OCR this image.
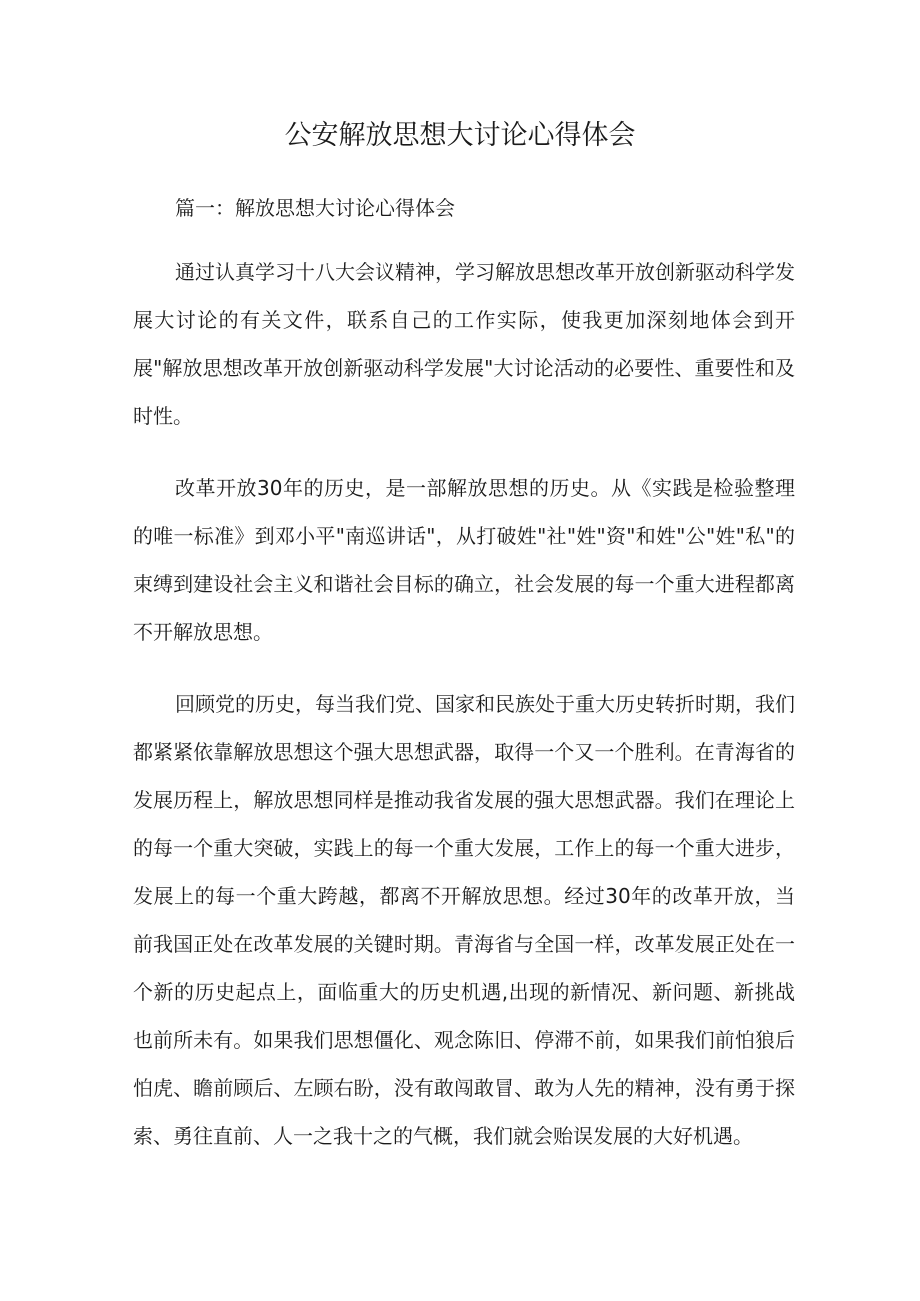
公安解放思想大讨论心得体会

篇一：解放思想大讨论心得体会

通过认真学习十八大会议精神，学习解放思想改革开放创新驱动科学发展大讨论的有关文件，联系自己的工作实际，使我更加深刻地体会到开展"解放思想改革开放创新驱动科学发展"大讨论活动的必要性、重要性和及时性。

改革开放30年的历史，是一部解放思想的历史。从《实践是检验整理的唯一标准》到邓小平"南巡讲话"，从打破姓"社"姓"资"和姓"公"姓"私"的束缚到建设社会主义和谐社会目标的确立，社会发展的每一个重大进程都离不开解放思想。

回顾党的历史，每当我们党、国家和民族处于重大历史转折时期，我们都紧紧依靠解放思想这个强大思想武器，取得一个又一个胜利。在青海省的发展历程上，解放思想同样是推动我省发展的强大思想武器。我们在理论上的每一个重大突破，实践上的每一个重大发展，工作上的每一个重大进步，发展上的每一个重大跨越，都离不开解放思想。经过30年的改革开放，当前我国正处在改革发展的关键时期。青海省与全国一样，改革发展正处在一个新的历史起点上，面临重大的历史机遇,出现的新情况、新问题、新挑战也前所未有。如果我们思想僵化、观念陈旧、停滞不前，如果我们前怕狼后怕虎、瞻前顾后、左顾右盼，没有敢闯敢冒、敢为人先的精神，没有勇于探索、勇往直前、人一之我十之的气概，我们就会贻误发展的大好机遇。
